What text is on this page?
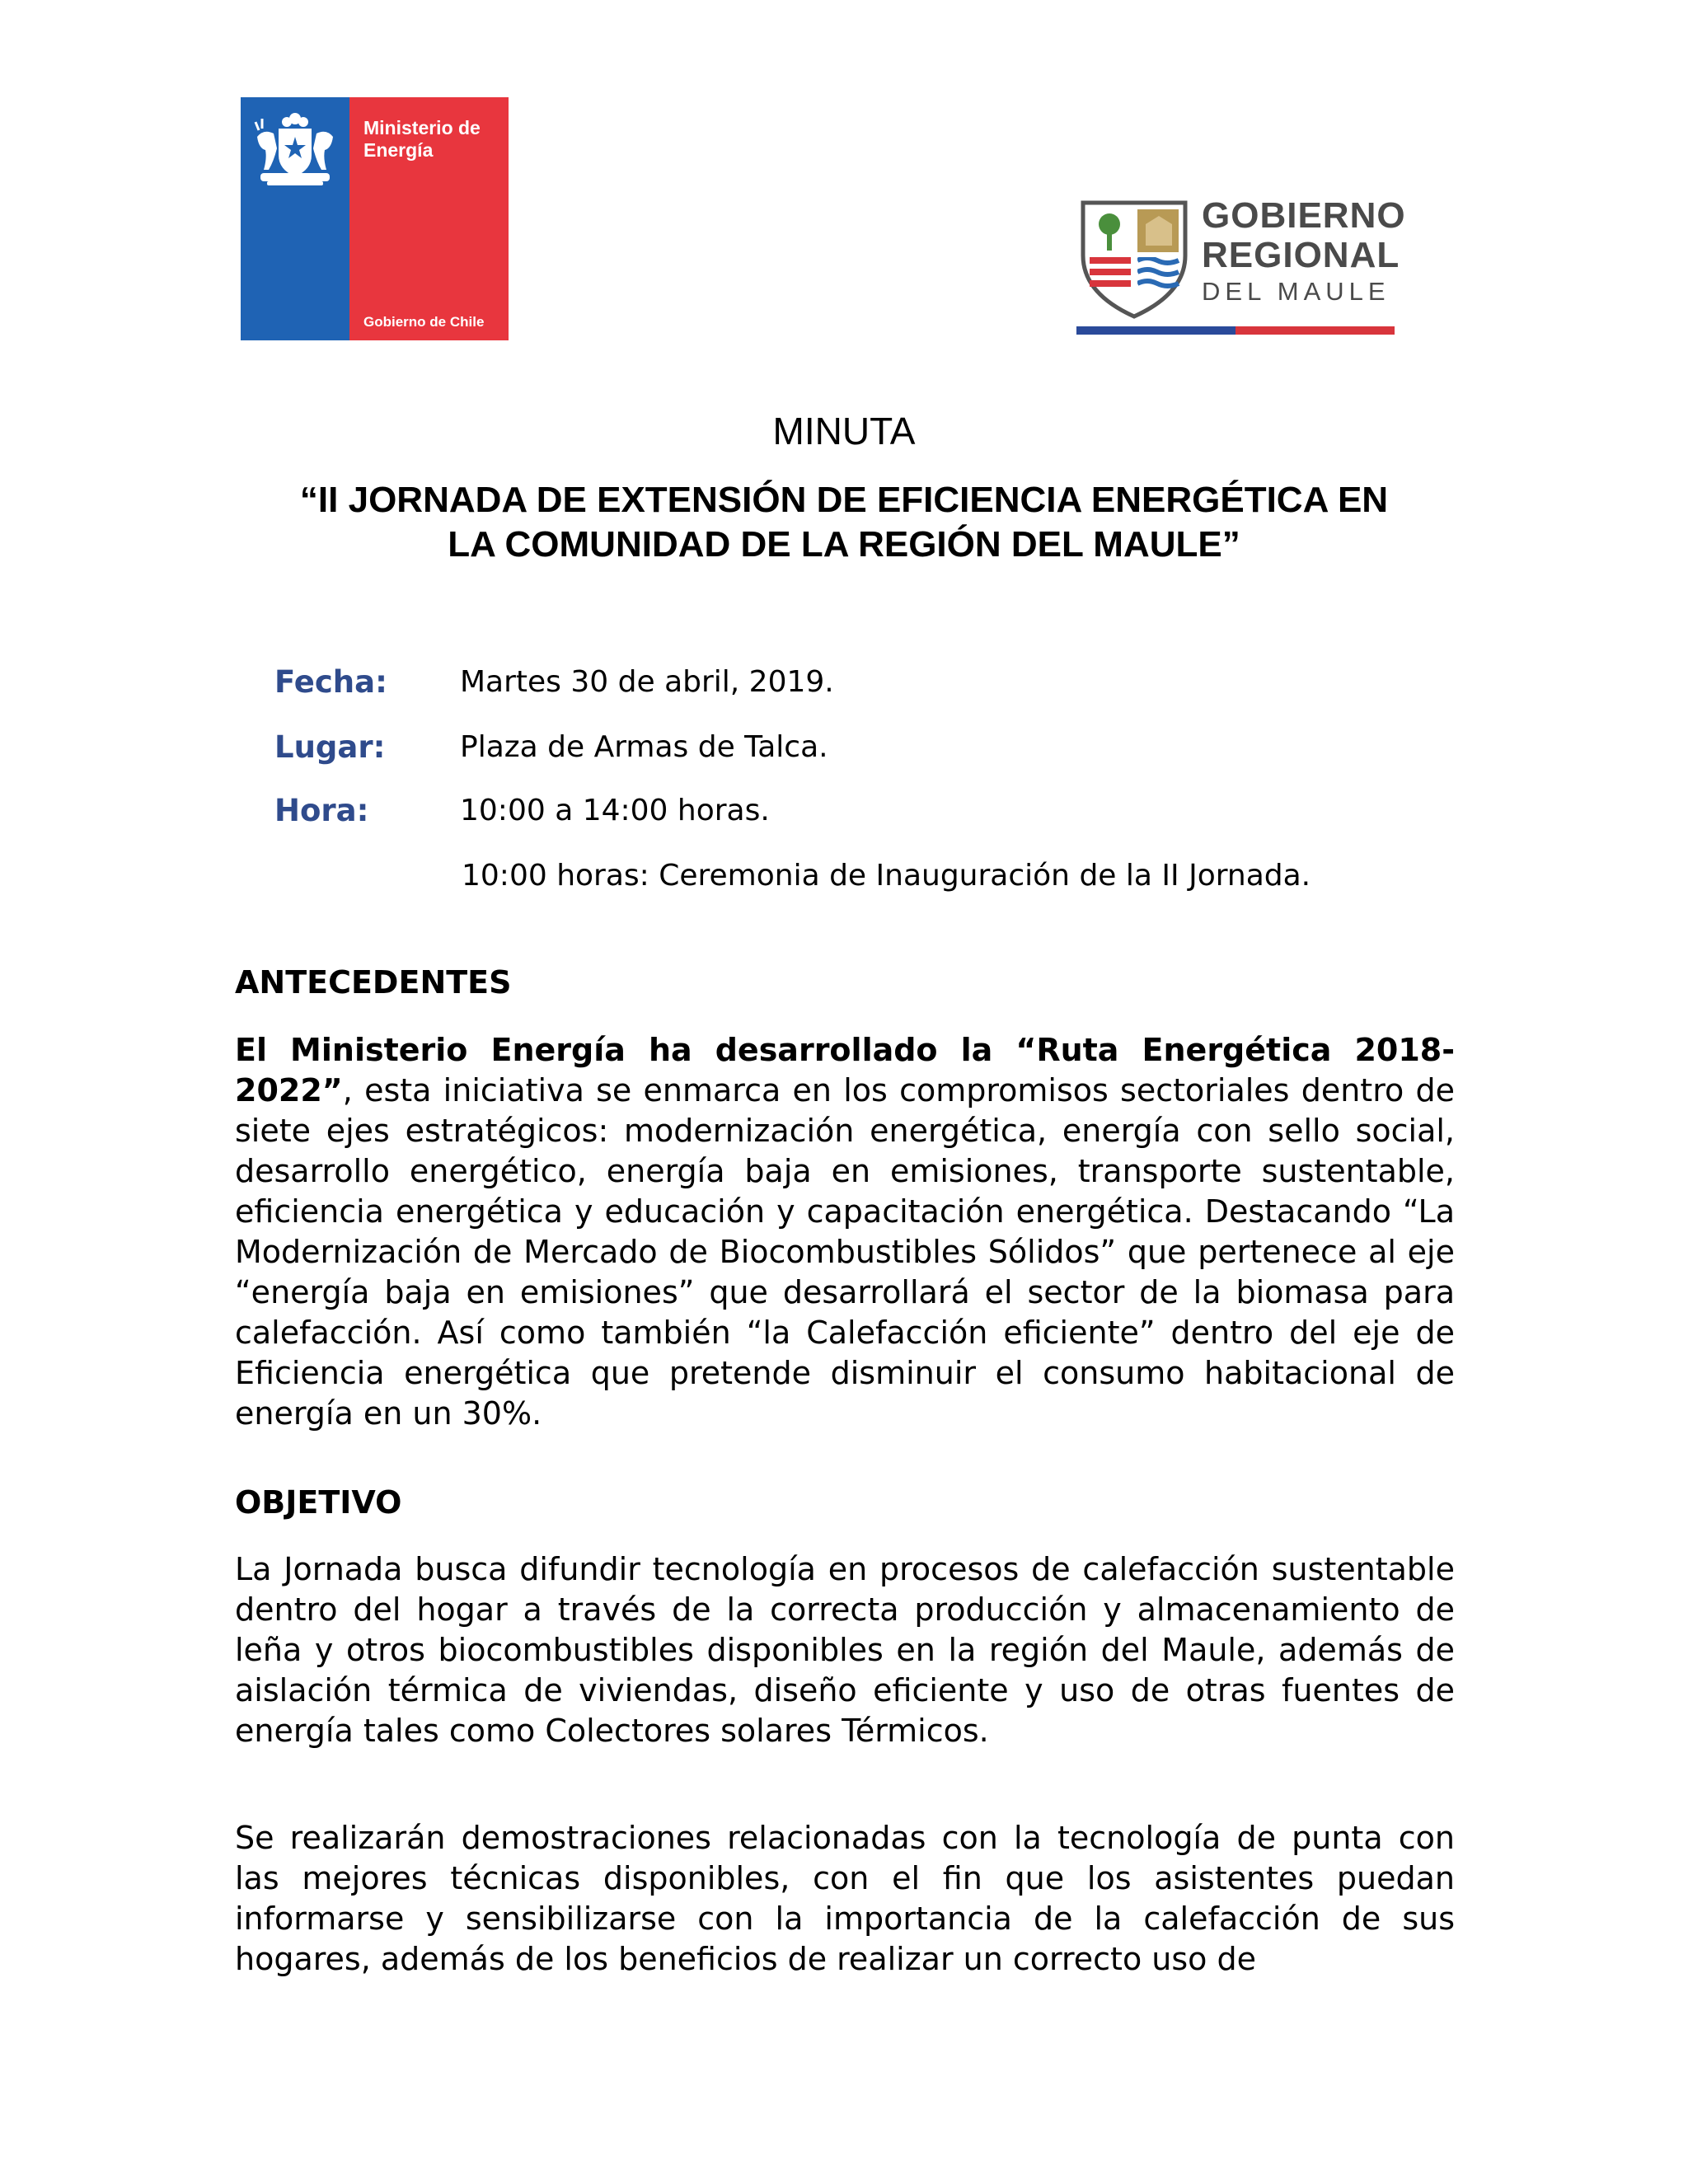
Ministerio de
Energía
Gobierno de Chile
GOBIERNO
REGIONAL
DEL MAULE
MINUTA
“II JORNADA DE EXTENSIÓN DE EFICIENCIA ENERGÉTICA EN
LA COMUNIDAD DE LA REGIÓN DEL MAULE”
Fecha: Martes 30 de abril, 2019.
Lugar:	Plaza de Armas de Talca.
Hora:	10:00 a 14:00 horas.
10:00 horas: Ceremonia de Inauguración de la II Jornada.
ANTECEDENTES

El Ministerio Energía ha desarrollado la “Ruta Energética 2018-2022”, esta iniciativa se enmarca en los compromisos sectoriales dentro de siete ejes estratégicos: modernización energética, energía con sello social, desarrollo energético, energía baja en emisiones, transporte sustentable, eficiencia energética y educación y capacitación energética. Destacando “La Modernización de Mercado de Biocombustibles Sólidos” que pertenece al eje “energía baja en emisiones” que desarrollará el sector de la biomasa para calefacción. Así como también “la Calefacción eficiente” dentro del eje de Eficiencia energética que pretende disminuir el consumo habitacional de energía en un 30%.

OBJETIVO

La Jornada busca difundir tecnología en procesos de calefacción sustentable dentro del hogar a través de la correcta producción y almacenamiento de leña y otros biocombustibles disponibles en la región del Maule, además de aislación térmica de viviendas, diseño eficiente y uso de otras fuentes de energía tales como Colectores solares Térmicos.

Se realizarán demostraciones relacionadas con la tecnología de punta con las mejores técnicas disponibles, con el fin que los asistentes puedan informarse y sensibilizarse con la importancia de la calefacción de sus hogares, además de los beneficios de realizar un correcto uso de
